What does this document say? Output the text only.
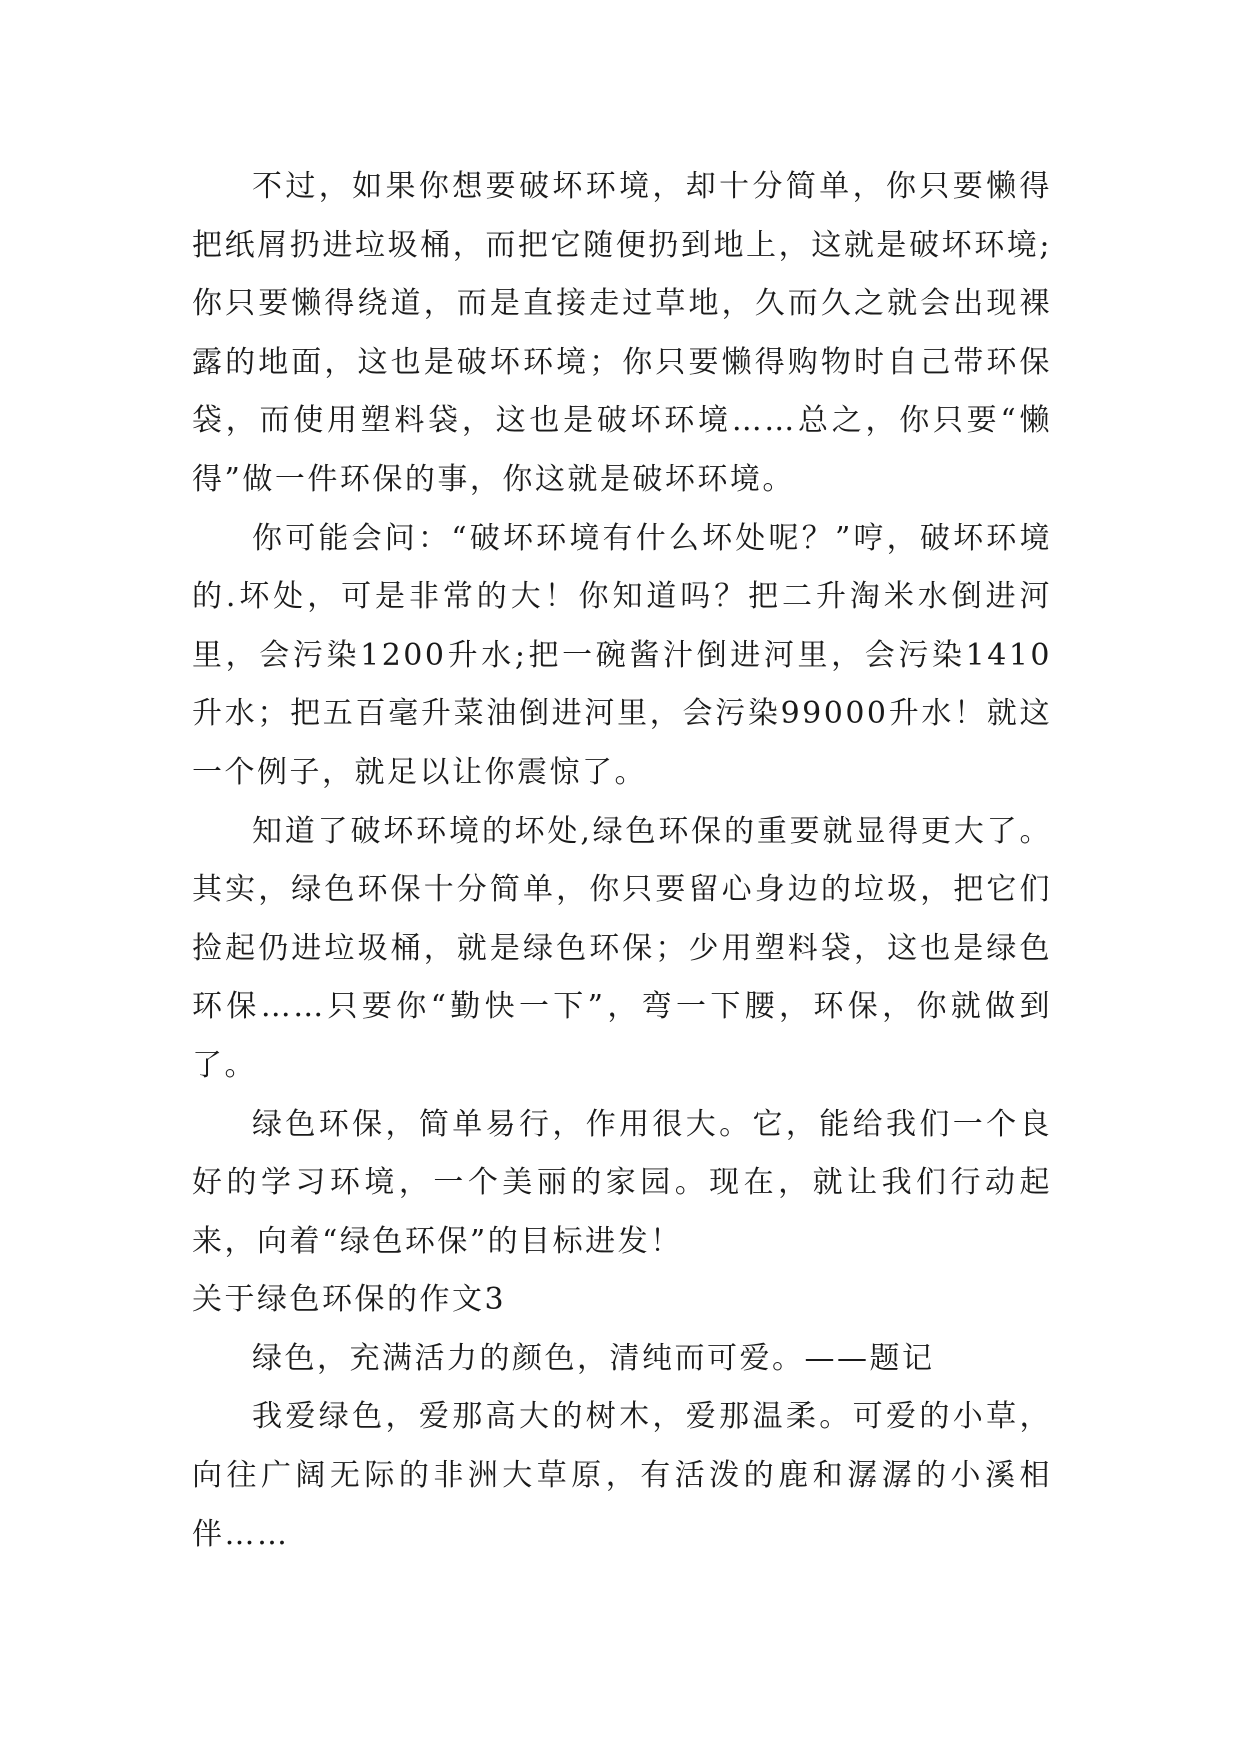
不过，如果你想要破坏环境，却十分简单，你只要懒得把纸屑扔进垃圾桶，而把它随便扔到地上，这就是破坏环境;你只要懒得绕道，而是直接走过草地，久而久之就会出现裸露的地面，这也是破坏环境；你只要懒得购物时自己带环保袋，而使用塑料袋，这也是破坏环境……总之，你只要“懒得”做一件环保的事，你这就是破坏环境。

你可能会问：“破坏环境有什么坏处呢？”哼，破坏环境的.坏处，可是非常的大！你知道吗？把二升淘米水倒进河里，会污染1200升水;把一碗酱汁倒进河里，会污染1410升水；把五百毫升菜油倒进河里，会污染99000升水！就这一个例子，就足以让你震惊了。

知道了破坏环境的坏处,绿色环保的重要就显得更大了。其实，绿色环保十分简单，你只要留心身边的垃圾，把它们捡起仍进垃圾桶，就是绿色环保；少用塑料袋，这也是绿色环保……只要你“勤快一下”，弯一下腰，环保，你就做到了。

绿色环保，简单易行，作用很大。它，能给我们一个良好的学习环境，一个美丽的家园。现在，就让我们行动起来，向着“绿色环保”的目标进发！

关于绿色环保的作文3

绿色，充满活力的颜色，清纯而可爱。——题记

我爱绿色，爱那高大的树木，爱那温柔。可爱的小草，向往广阔无际的非洲大草原，有活泼的鹿和潺潺的小溪相伴……
